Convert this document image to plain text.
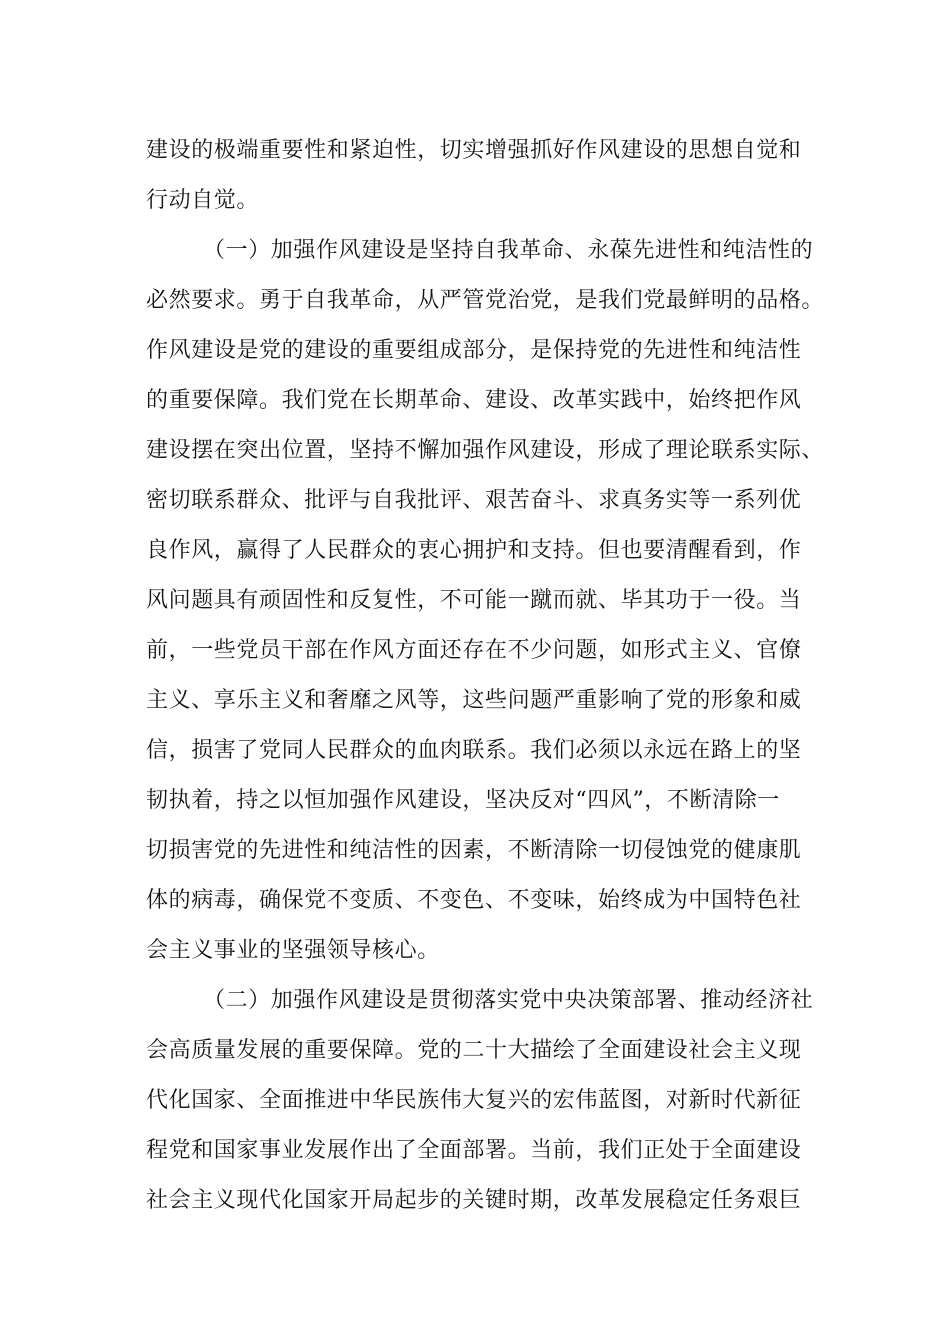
建设的极端重要性和紧迫性，切实增强抓好作风建设的思想自觉和
行动自觉。
（一）加强作风建设是坚持自我革命、永葆先进性和纯洁性的
必然要求。勇于自我革命，从严管党治党，是我们党最鲜明的品格。
作风建设是党的建设的重要组成部分，是保持党的先进性和纯洁性
的重要保障。我们党在长期革命、建设、改革实践中，始终把作风
建设摆在突出位置，坚持不懈加强作风建设，形成了理论联系实际、
密切联系群众、批评与自我批评、艰苦奋斗、求真务实等一系列优
良作风，赢得了人民群众的衷心拥护和支持。但也要清醒看到，作
风问题具有顽固性和反复性，不可能一蹴而就、毕其功于一役。当
前，一些党员干部在作风方面还存在不少问题，如形式主义、官僚
主义、享乐主义和奢靡之风等，这些问题严重影响了党的形象和威
信，损害了党同人民群众的血肉联系。我们必须以永远在路上的坚
韧执着，持之以恒加强作风建设，坚决反对“四风”，不断清除一
切损害党的先进性和纯洁性的因素，不断清除一切侵蚀党的健康肌
体的病毒，确保党不变质、不变色、不变味，始终成为中国特色社
会主义事业的坚强领导核心。
（二）加强作风建设是贯彻落实党中央决策部署、推动经济社
会高质量发展的重要保障。党的二十大描绘了全面建设社会主义现
代化国家、全面推进中华民族伟大复兴的宏伟蓝图，对新时代新征
程党和国家事业发展作出了全面部署。当前，我们正处于全面建设
社会主义现代化国家开局起步的关键时期，改革发展稳定任务艰巨
